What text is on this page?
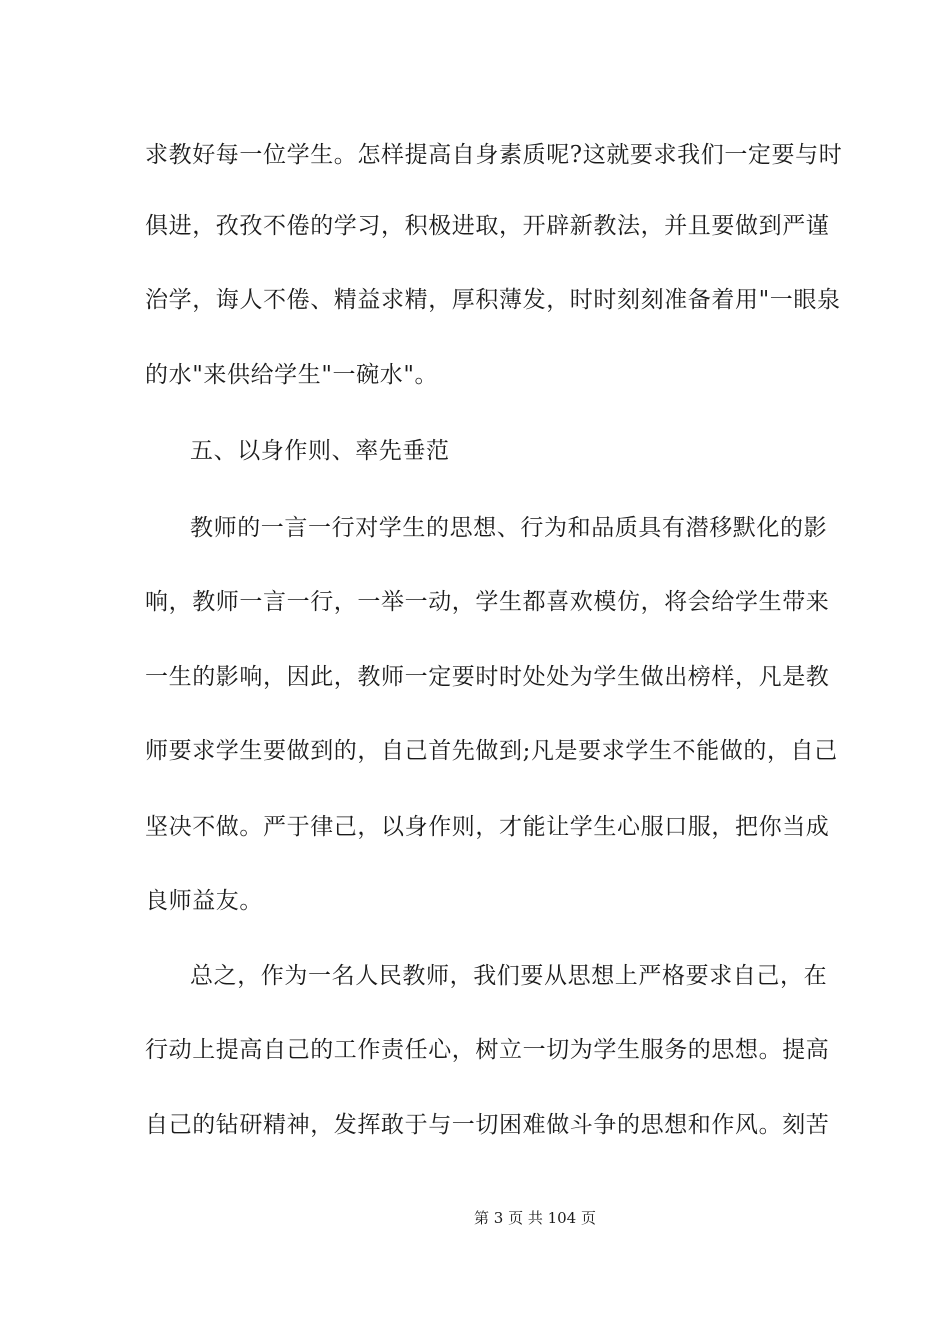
求教好每一位学生。怎样提高自身素质呢?这就要求我们一定要与时
俱进，孜孜不倦的学习，积极进取，开辟新教法，并且要做到严谨
治学，诲人不倦、精益求精，厚积薄发，时时刻刻准备着用"一眼泉
的水"来供给学生"一碗水"。
五、以身作则、率先垂范
教师的一言一行对学生的思想、行为和品质具有潜移默化的影
响，教师一言一行，一举一动，学生都喜欢模仿，将会给学生带来
一生的影响，因此，教师一定要时时处处为学生做出榜样，凡是教
师要求学生要做到的，自己首先做到;凡是要求学生不能做的，自己
坚决不做。严于律己，以身作则，才能让学生心服口服，把你当成
良师益友。
总之，作为一名人民教师，我们要从思想上严格要求自己，在
行动上提高自己的工作责任心，树立一切为学生服务的思想。提高
自己的钻研精神，发挥敢于与一切困难做斗争的思想和作风。刻苦
第 3 页 共 104 页
